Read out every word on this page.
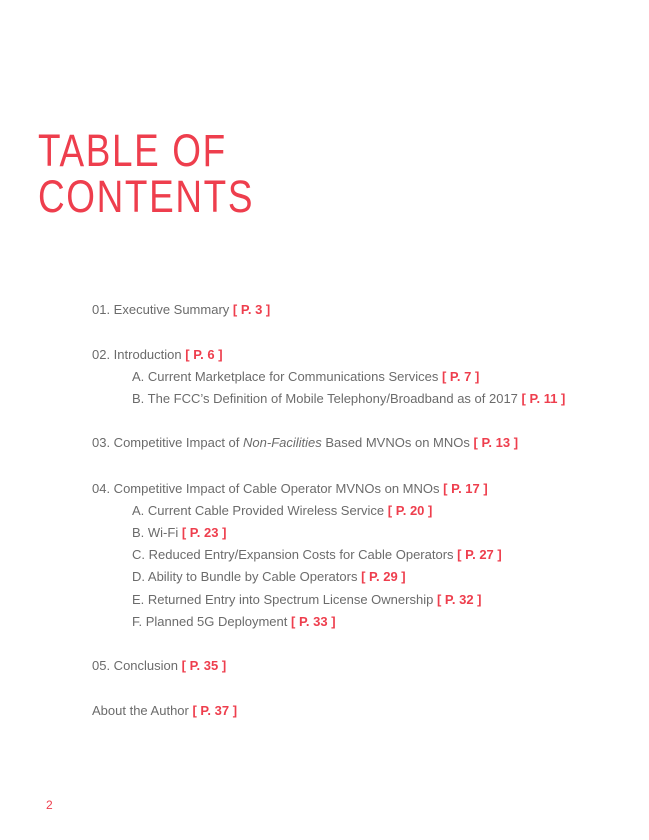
TABLE OF
CONTENTS
01. Executive Summary [ P. 3 ]
02. Introduction [ P. 6 ]
A. Current Marketplace for Communications Services [ P. 7 ]
B. The FCC’s Definition of Mobile Telephony/Broadband as of 2017 [ P. 11 ]
03. Competitive Impact of Non-Facilities Based MVNOs on MNOs [ P. 13 ]
04. Competitive Impact of Cable Operator MVNOs on MNOs [ P. 17 ]
A. Current Cable Provided Wireless Service [ P. 20 ]
B. Wi-Fi [ P. 23 ]
C. Reduced Entry/Expansion Costs for Cable Operators [ P. 27 ]
D. Ability to Bundle by Cable Operators [ P. 29 ]
E. Returned Entry into Spectrum License Ownership [ P. 32 ]
F. Planned 5G Deployment [ P. 33 ]
05. Conclusion [ P. 35 ]
About the Author [ P. 37 ]
2
